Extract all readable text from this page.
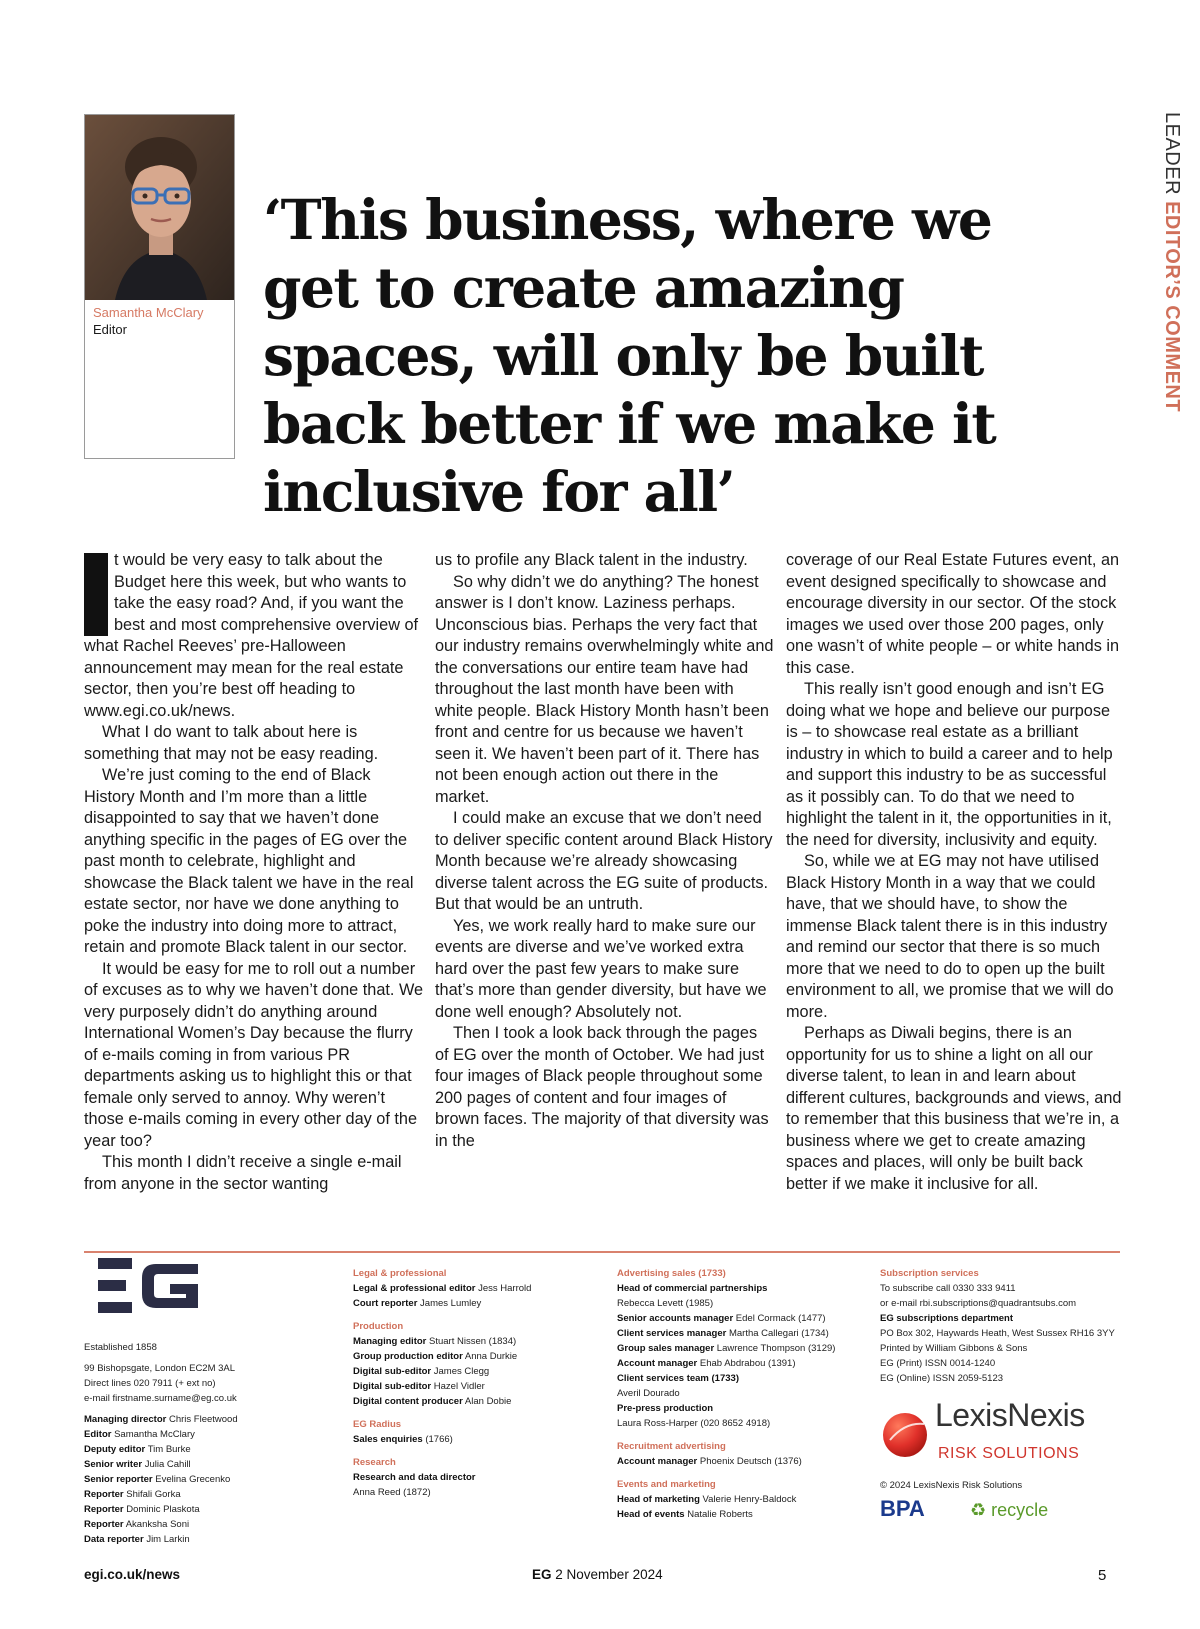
LEADER EDITOR’S COMMENT
Samantha McClary
Editor
‘This business, where we get to create amazing spaces, will only be built back better if we make it inclusive for all’

t would be very easy to talk about the Budget here this week, but who wants to take the easy road? And, if you want the best and most comprehensive overview of what Rachel Reeves’ pre-Halloween announcement may mean for the real estate sector, then you’re best off heading to www.egi.co.uk/news.

What I do want to talk about here is something that may not be easy reading.

We’re just coming to the end of Black History Month and I’m more than a little disappointed to say that we haven’t done anything specific in the pages of EG over the past month to celebrate, highlight and showcase the Black talent we have in the real estate sector, nor have we done anything to poke the industry into doing more to attract, retain and promote Black talent in our sector.

It would be easy for me to roll out a number of excuses as to why we haven’t done that. We very purposely didn’t do anything around International Women’s Day because the flurry of e-mails coming in from various PR departments asking us to highlight this or that female only served to annoy. Why weren’t those e-mails coming in every other day of the year too?

This month I didn’t receive a single e-mail from anyone in the sector wanting

us to profile any Black talent in the industry.

So why didn’t we do anything? The honest answer is I don’t know. Laziness perhaps. Unconscious bias. Perhaps the very fact that our industry remains overwhelmingly white and the conversations our entire team have had throughout the last month have been with white people. Black History Month hasn’t been front and centre for us because we haven’t seen it. We haven’t been part of it. There has not been enough action out there in the market.

I could make an excuse that we don’t need to deliver specific content around Black History Month because we’re already showcasing diverse talent across the EG suite of products. But that would be an untruth.

Yes, we work really hard to make sure our events are diverse and we’ve worked extra hard over the past few years to make sure that’s more than gender diversity, but have we done well enough? Absolutely not.

Then I took a look back through the pages of EG over the month of October. We had just four images of Black people throughout some 200 pages of content and four images of brown faces. The majority of that diversity was in the

coverage of our Real Estate Futures event, an event designed specifically to showcase and encourage diversity in our sector. Of the stock images we used over those 200 pages, only one wasn’t of white people – or white hands in this case.

This really isn’t good enough and isn’t EG doing what we hope and believe our purpose is – to showcase real estate as a brilliant industry in which to build a career and to help and support this industry to be as successful as it possibly can. To do that we need to highlight the talent in it, the opportunities in it, the need for diversity, inclusivity and equity.

So, while we at EG may not have utilised Black History Month in a way that we could have, that we should have, to show the immense Black talent there is in this industry and remind our sector that there is so much more that we need to do to open up the built environment to all, we promise that we will do more.

Perhaps as Diwali begins, there is an opportunity for us to shine a light on all our diverse talent, to lean in and learn about different cultures, backgrounds and views, and to remember that this business that we’re in, a business where we get to create amazing spaces and places, will only be built back better if we make it inclusive for all.

Established 1858
99 Bishopsgate, London EC2M 3AL
Direct lines 020 7911 (+ ext no)
e-mail firstname.surname@eg.co.uk
Managing director Chris Fleetwood
Editor Samantha McClary
Deputy editor Tim Burke
Senior writer Julia Cahill
Senior reporter Evelina Grecenko
Reporter Shifali Gorka
Reporter Dominic Plaskota
Reporter Akanksha Soni
Data reporter Jim Larkin
Legal & professional
Legal & professional editor Jess Harrold
Court reporter James Lumley
Production
Managing editor Stuart Nissen (1834)
Group production editor Anna Durkie
Digital sub-editor James Clegg
Digital sub-editor Hazel Vidler
Digital content producer Alan Dobie
EG Radius
Sales enquiries (1766)
Research
Research and data director
Anna Reed (1872)
Advertising sales (1733)
Head of commercial partnerships
Rebecca Levett (1985)
Senior accounts manager Edel Cormack (1477)
Client services manager Martha Callegari (1734)
Group sales manager Lawrence Thompson (3129)
Account manager Ehab Abdrabou (1391)
Client services team (1733)
Averil Dourado
Pre-press production
Laura Ross-Harper (020 8652 4918)
Recruitment advertising
Account manager Phoenix Deutsch (1376)
Events and marketing
Head of marketing Valerie Henry-Baldock
Head of events Natalie Roberts
Subscription services
To subscribe call 0330 333 9411
or e-mail rbi.subscriptions@quadrantsubs.com
EG subscriptions department
PO Box 302, Haywards Heath, West Sussex RH16 3YY
Printed by William Gibbons & Sons
EG (Print) ISSN 0014-1240
EG (Online) ISSN 2059-5123
LexisNexis
RISK SOLUTIONS
© 2024 LexisNexis Risk Solutions
BPA	♻ recycle
egi.co.uk/news	EG 2 November 2024	5
